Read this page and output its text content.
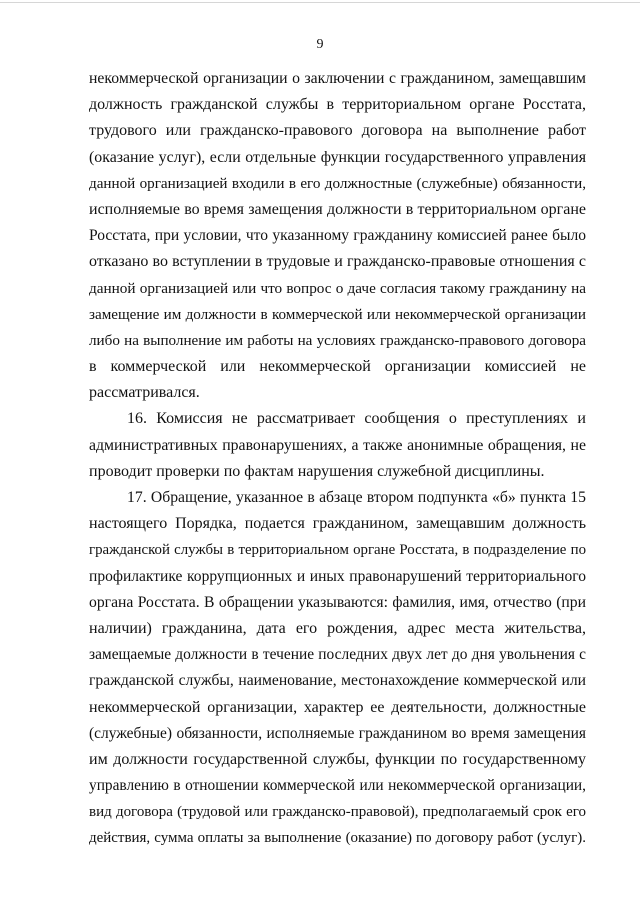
9
некоммерческой организации о заключении с гражданином, замещавшим
должность гражданской службы в территориальном органе Росстата,
трудового или гражданско-правового договора на выполнение работ
(оказание услуг), если отдельные функции государственного управления
данной организацией входили в его должностные (служебные) обязанности,
исполняемые во время замещения должности в территориальном органе
Росстата, при условии, что указанному гражданину комиссией ранее было
отказано во вступлении в трудовые и гражданско-правовые отношения с
данной организацией или что вопрос о даче согласия такому гражданину на
замещение им должности в коммерческой или некоммерческой организации
либо на выполнение им работы на условиях гражданско-правового договора
в коммерческой или некоммерческой организации комиссией не
рассматривался.
16. Комиссия не рассматривает сообщения о преступлениях и
административных правонарушениях, а также анонимные обращения, не
проводит проверки по фактам нарушения служебной дисциплины.
17. Обращение, указанное в абзаце втором подпункта «б» пункта 15
настоящего Порядка, подается гражданином, замещавшим должность
гражданской службы в территориальном органе Росстата, в подразделение по
профилактике коррупционных и иных правонарушений территориального
органа Росстата. В обращении указываются: фамилия, имя, отчество (при
наличии) гражданина, дата его рождения, адрес места жительства,
замещаемые должности в течение последних двух лет до дня увольнения с
гражданской службы, наименование, местонахождение коммерческой или
некоммерческой организации, характер ее деятельности, должностные
(служебные) обязанности, исполняемые гражданином во время замещения
им должности государственной службы, функции по государственному
управлению в отношении коммерческой или некоммерческой организации,
вид договора (трудовой или гражданско-правовой), предполагаемый срок его
действия, сумма оплаты за выполнение (оказание) по договору работ (услуг).
